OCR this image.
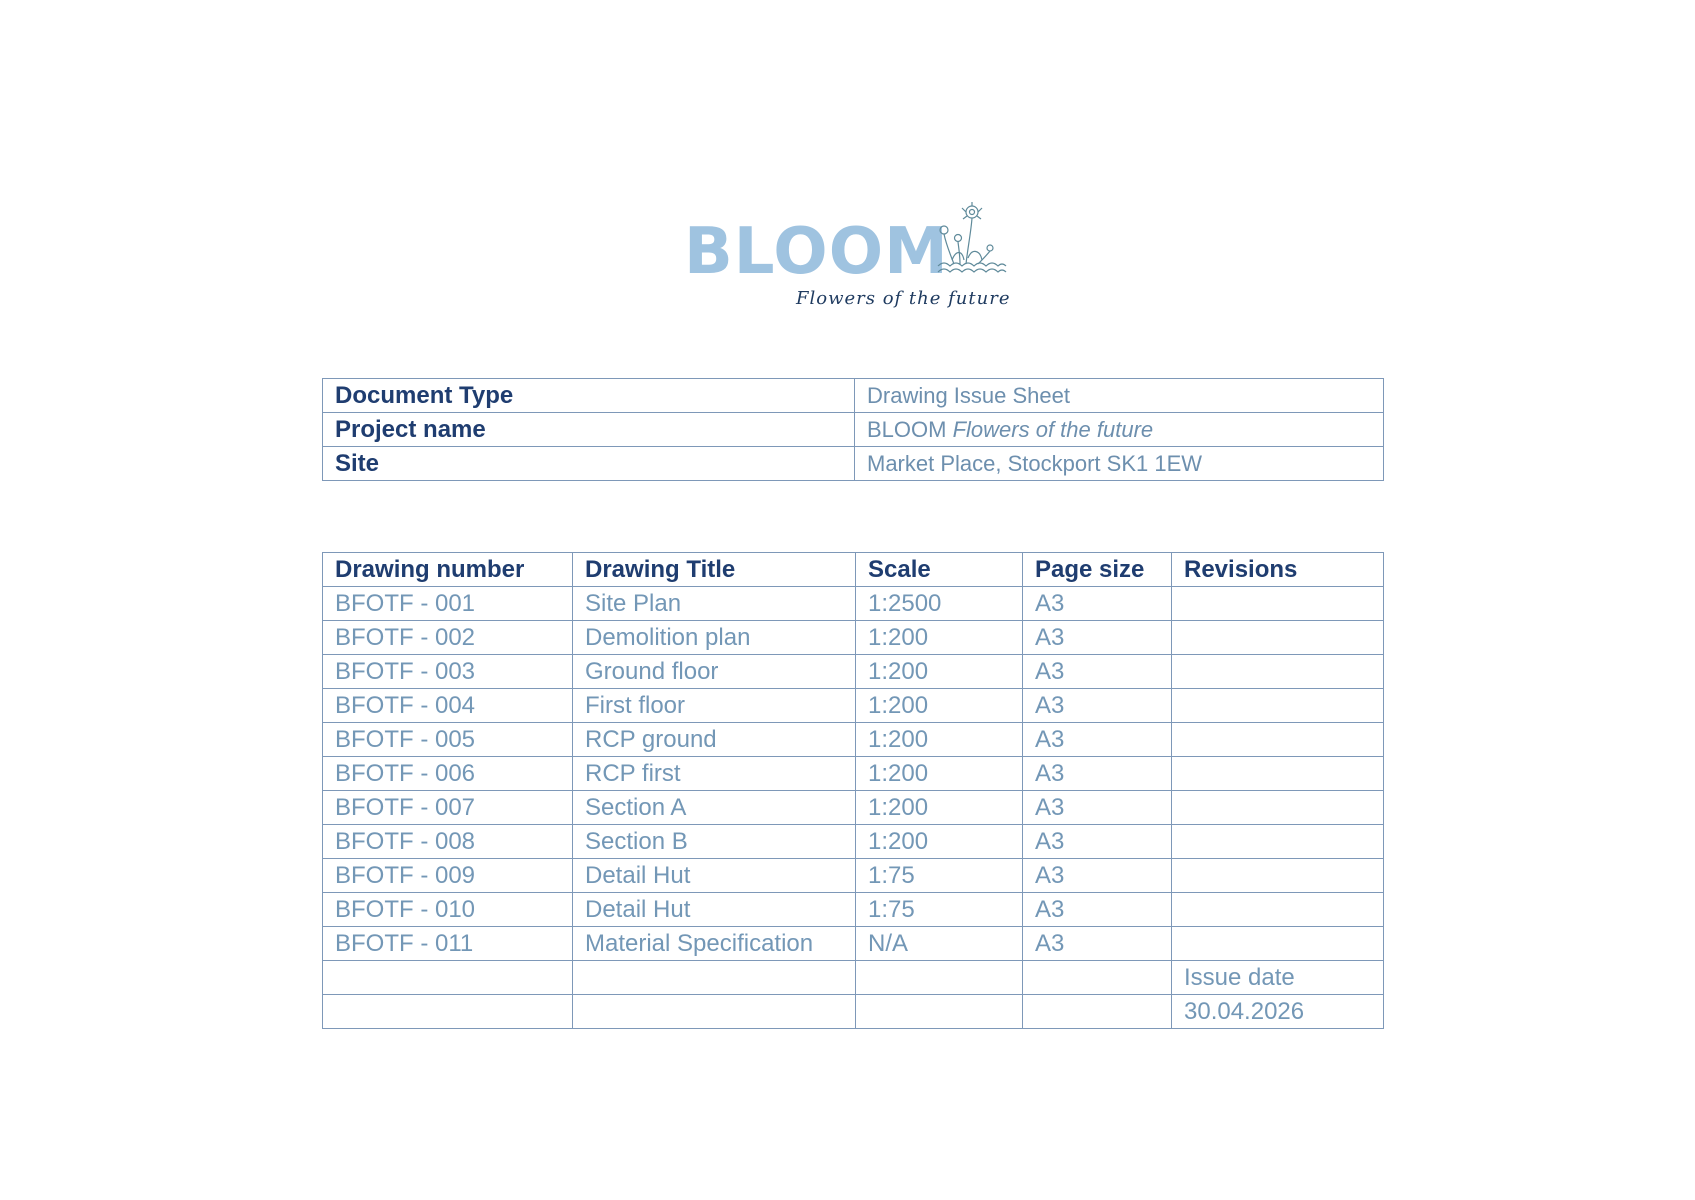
BLOOM
Flowers of the future
Document Type	Drawing Issue Sheet
Project name	BLOOM Flowers of the future
Site	Market Place, Stockport SK1 1EW
Drawing number	Drawing Title	Scale	Page size	Revisions
BFOTF - 001	Site Plan	1:2500	A3	
BFOTF - 002	Demolition plan	1:200	A3	
BFOTF - 003	Ground floor	1:200	A3	
BFOTF - 004	First floor	1:200	A3	
BFOTF - 005	RCP ground	1:200	A3	
BFOTF - 006	RCP first	1:200	A3	
BFOTF - 007	Section A	1:200	A3	
BFOTF - 008	Section B	1:200	A3	
BFOTF - 009	Detail Hut	1:75	A3	
BFOTF - 010	Detail Hut	1:75	A3	
BFOTF - 011	Material Specification	N/A	A3	
				Issue date
				30.04.2026
